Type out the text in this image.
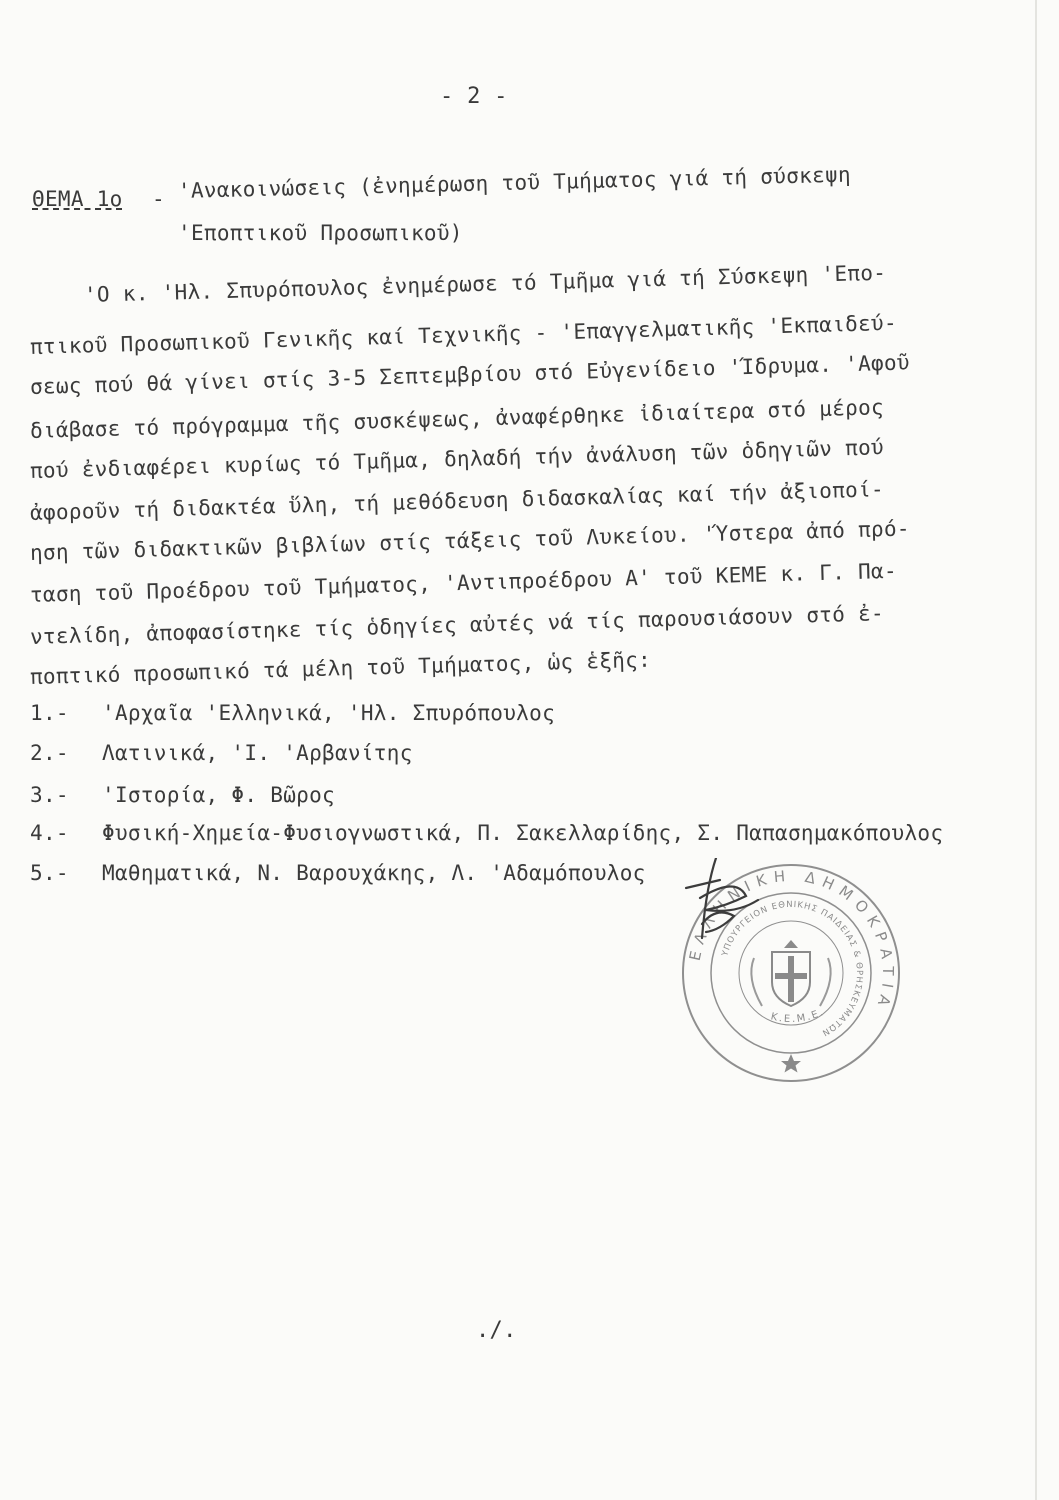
- 2 -
ΘΕΜΑ 1ο - 'Ανακοινώσεις (ἐνημέρωση τοῦ Τμήματος γιά τή σύσκεψη
'Εποπτικοῦ Προσωπικοῦ)
'Ο κ. 'Ηλ. Σπυρόπουλος ἐνημέρωσε τό Τμῆμα γιά τή Σύσκεψη 'Επο-
πτικοῦ Προσωπικοῦ Γενικῆς καί Τεχνικῆς - 'Επαγγελματικῆς 'Εκπαιδεύ-
σεως πού θά γίνει στίς 3-5 Σεπτεμβρίου στό Εὐγενίδειο 'Ίδρυμα. 'Αφοῦ
διάβασε τό πρόγραμμα τῆς συσκέψεως, ἀναφέρθηκε ἰδιαίτερα στό μέρος
πού ἐνδιαφέρει κυρίως τό Τμῆμα, δηλαδή τήν ἀνάλυση τῶν ὁδηγιῶν πού
ἀφοροῦν τή διδακτέα ὕλη, τή μεθόδευση διδασκαλίας καί τήν ἀξιοποί-
ηση τῶν διδακτικῶν βιβλίων στίς τάξεις τοῦ Λυκείου. 'Ύστερα ἀπό πρό-
ταση τοῦ Προέδρου τοῦ Τμήματος, 'Αντιπροέδρου Α' τοῦ ΚΕΜΕ κ. Γ. Πα-
ντελίδη, ἀποφασίστηκε τίς ὁδηγίες αὐτές νά τίς παρουσιάσουν στό ἐ-
ποπτικό προσωπικό τά μέλη τοῦ Τμήματος, ὡς ἑξῆς:
1.- 'Αρχαῖα 'Ελληνικά, 'Ηλ. Σπυρόπουλος
2.- Λατινικά, 'Ι. 'Αρβανίτης
3.- 'Ιστορία, Φ. Βῶρος
4.- Φυσική-Χημεία-Φυσιογνωστικά, Π. Σακελλαρίδης, Σ. Παπασημακόπουλος
5.- Μαθηματικά, Ν. Βαρουχάκης, Λ. 'Αδαμόπουλος
ΕΛΛΗΝΙΚΗ ΔΗΜΟΚΡΑΤΙΑ
ΥΠΟΥΡΓΕΙΟΝ ΕΘΝΙΚΗΣ ΠΑΙΔΕΙΑΣ & ΘΡΗΣΚΕΥΜΑΤΩΝ
Κ.Ε.Μ.Ε.
./.
